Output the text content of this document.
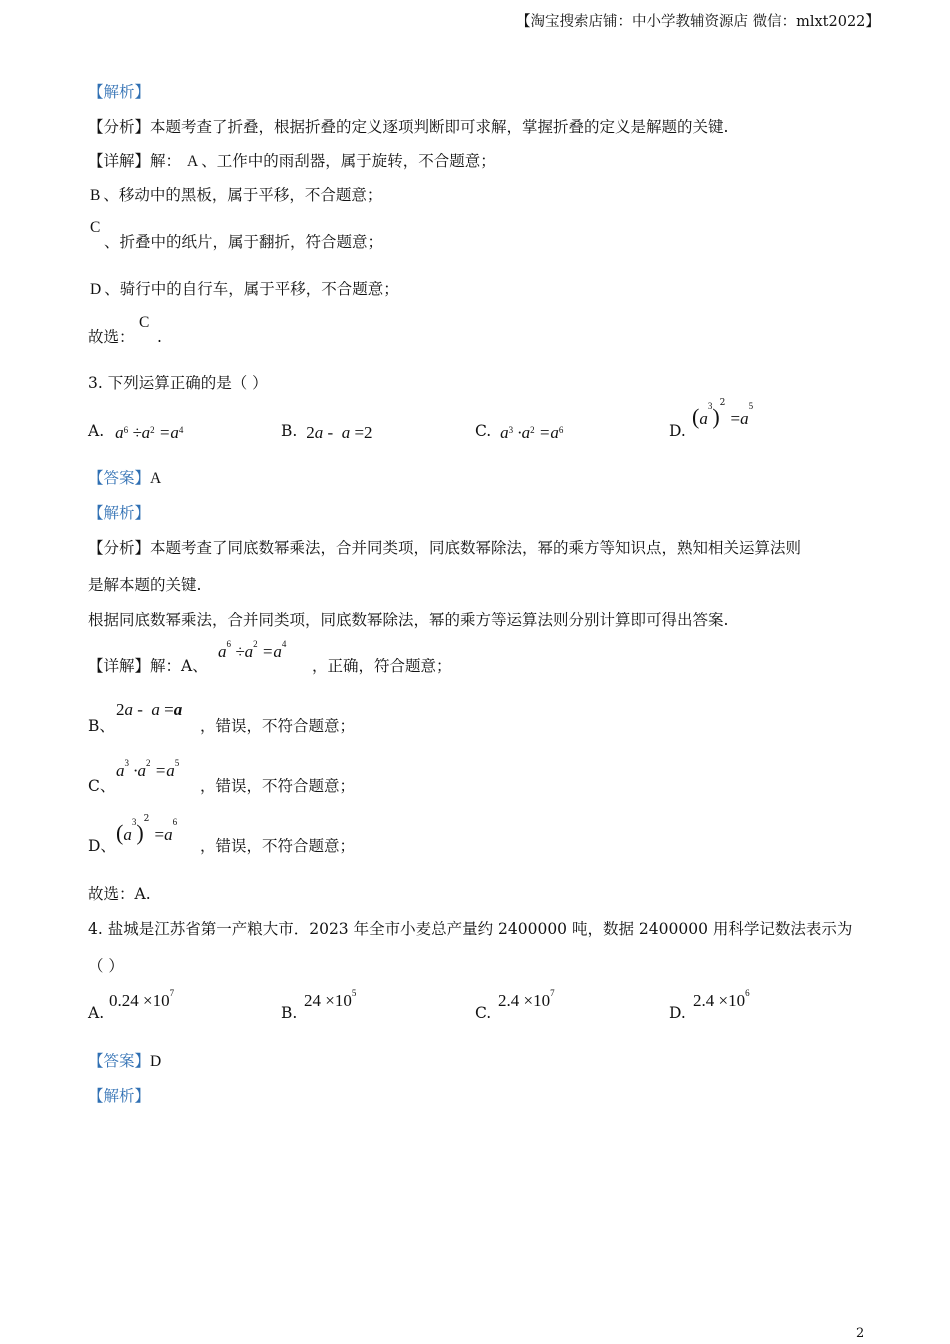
【淘宝搜索店铺：中小学教辅资源店 微信：mlxt2022】
【解析】
【分析】本题考查了折叠，根据折叠的定义逐项判断即可求解，掌握折叠的定义是解题的关键.
【详解】解： A 、工作中的雨刮器，属于旋转，不合题意；
B 、移动中的黑板，属于平移，不合题意；
C
、折叠中的纸片，属于翻折，符合题意；
D 、骑行中的自行车，属于平移，不合题意；
故选：
C
.
3. 下列运算正确的是（ ）
A. $a^6 \div a^2 =a^4$	B. 2a -  a =2	C. $a^3 \cdot a^2 =a^6$	D.
$(a^3)^2 =a^5$
【答案】A
【解析】
【分析】本题考查了同底数幂乘法，合并同类项，同底数幂除法，幂的乘方等知识点，熟知相关运算法则
是解本题的关键.
根据同底数幂乘法，合并同类项，同底数幂除法，幂的乘方等运算法则分别计算即可得出答案.
【详解】解：A、
$a^6 \div a^2 =a^4$
，正确，符合题意；
B、
2a -  a =a
，错误，不符合题意；
C、
$a^3 \cdot a^2 =a^5$
，错误，不符合题意；
D、
$(a^3)^2 =a^6$
，错误，不符合题意；
故选：A.
4. 盐城是江苏省第一产粮大市．2023 年全市小麦总产量约 2400000 吨，数据 2400000 用科学记数法表示为
（ ）
A.
$0.24 \times 10^7$
B.
$24 \times 10^5$
C.
$2.4 \times 10^7$
D.
$2.4 \times 10^6$
【答案】D
【解析】
2
